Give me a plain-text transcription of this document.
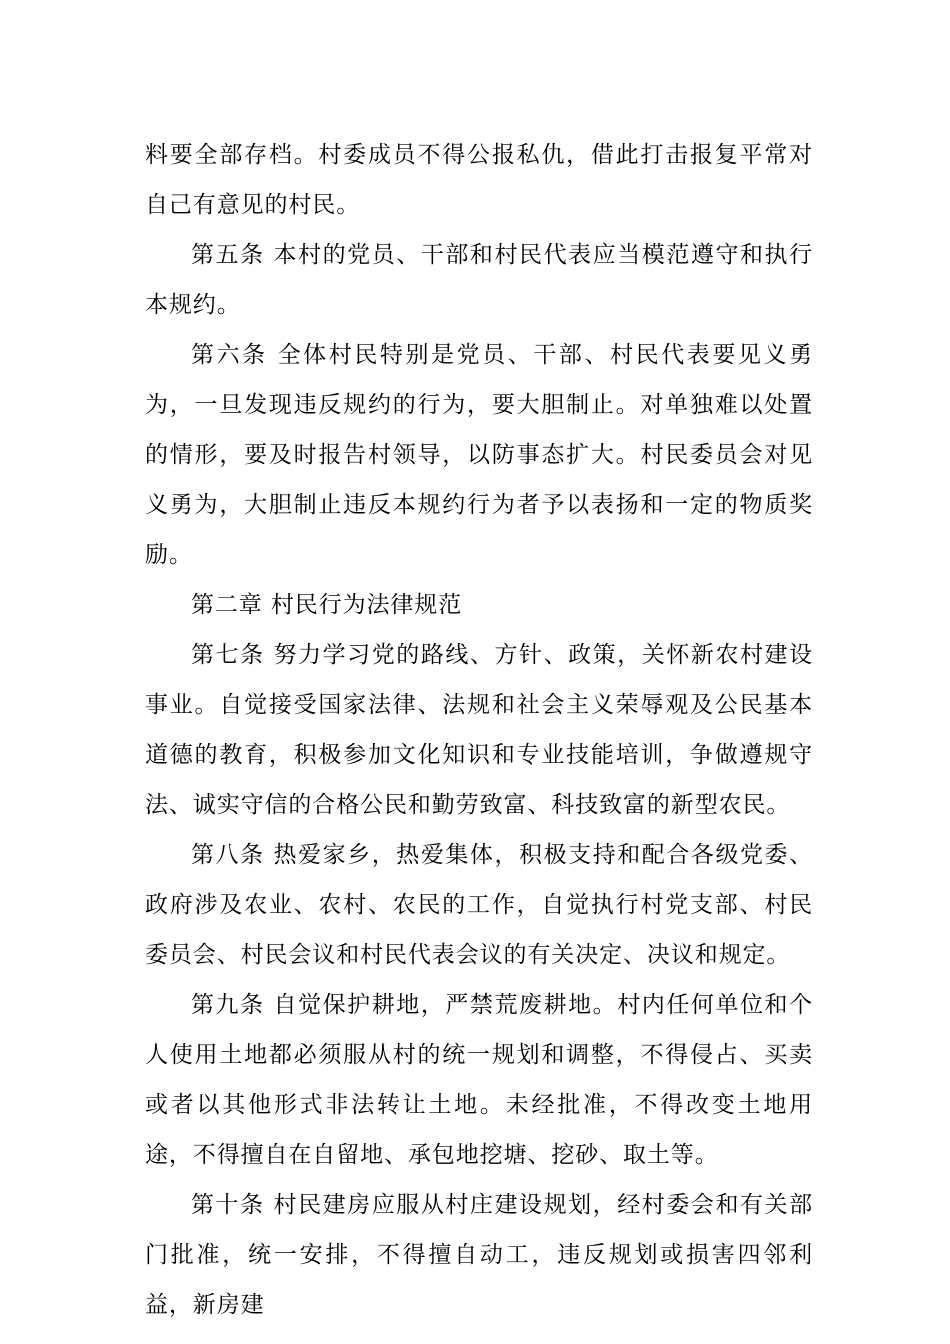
料要全部存档。村委成员不得公报私仇，借此打击报复平常对自己有意见的村民。

第五条 本村的党员、干部和村民代表应当模范遵守和执行本规约。

第六条 全体村民特别是党员、干部、村民代表要见义勇为，一旦发现违反规约的行为，要大胆制止。对单独难以处置的情形，要及时报告村领导，以防事态扩大。村民委员会对见义勇为，大胆制止违反本规约行为者予以表扬和一定的物质奖励。

第二章 村民行为法律规范

第七条 努力学习党的路线、方针、政策，关怀新农村建设事业。自觉接受国家法律、法规和社会主义荣辱观及公民基本道德的教育，积极参加文化知识和专业技能培训，争做遵规守法、诚实守信的合格公民和勤劳致富、科技致富的新型农民。

第八条 热爱家乡，热爱集体，积极支持和配合各级党委、政府涉及农业、农村、农民的工作，自觉执行村党支部、村民委员会、村民会议和村民代表会议的有关决定、决议和规定。

第九条 自觉保护耕地，严禁荒废耕地。村内任何单位和个人使用土地都必须服从村的统一规划和调整，不得侵占、买卖或者以其他形式非法转让土地。未经批准，不得改变土地用途，不得擅自在自留地、承包地挖塘、挖砂、取土等。

第十条 村民建房应服从村庄建设规划，经村委会和有关部门批准，统一安排，不得擅自动工，违反规划或损害四邻利益，新房建
